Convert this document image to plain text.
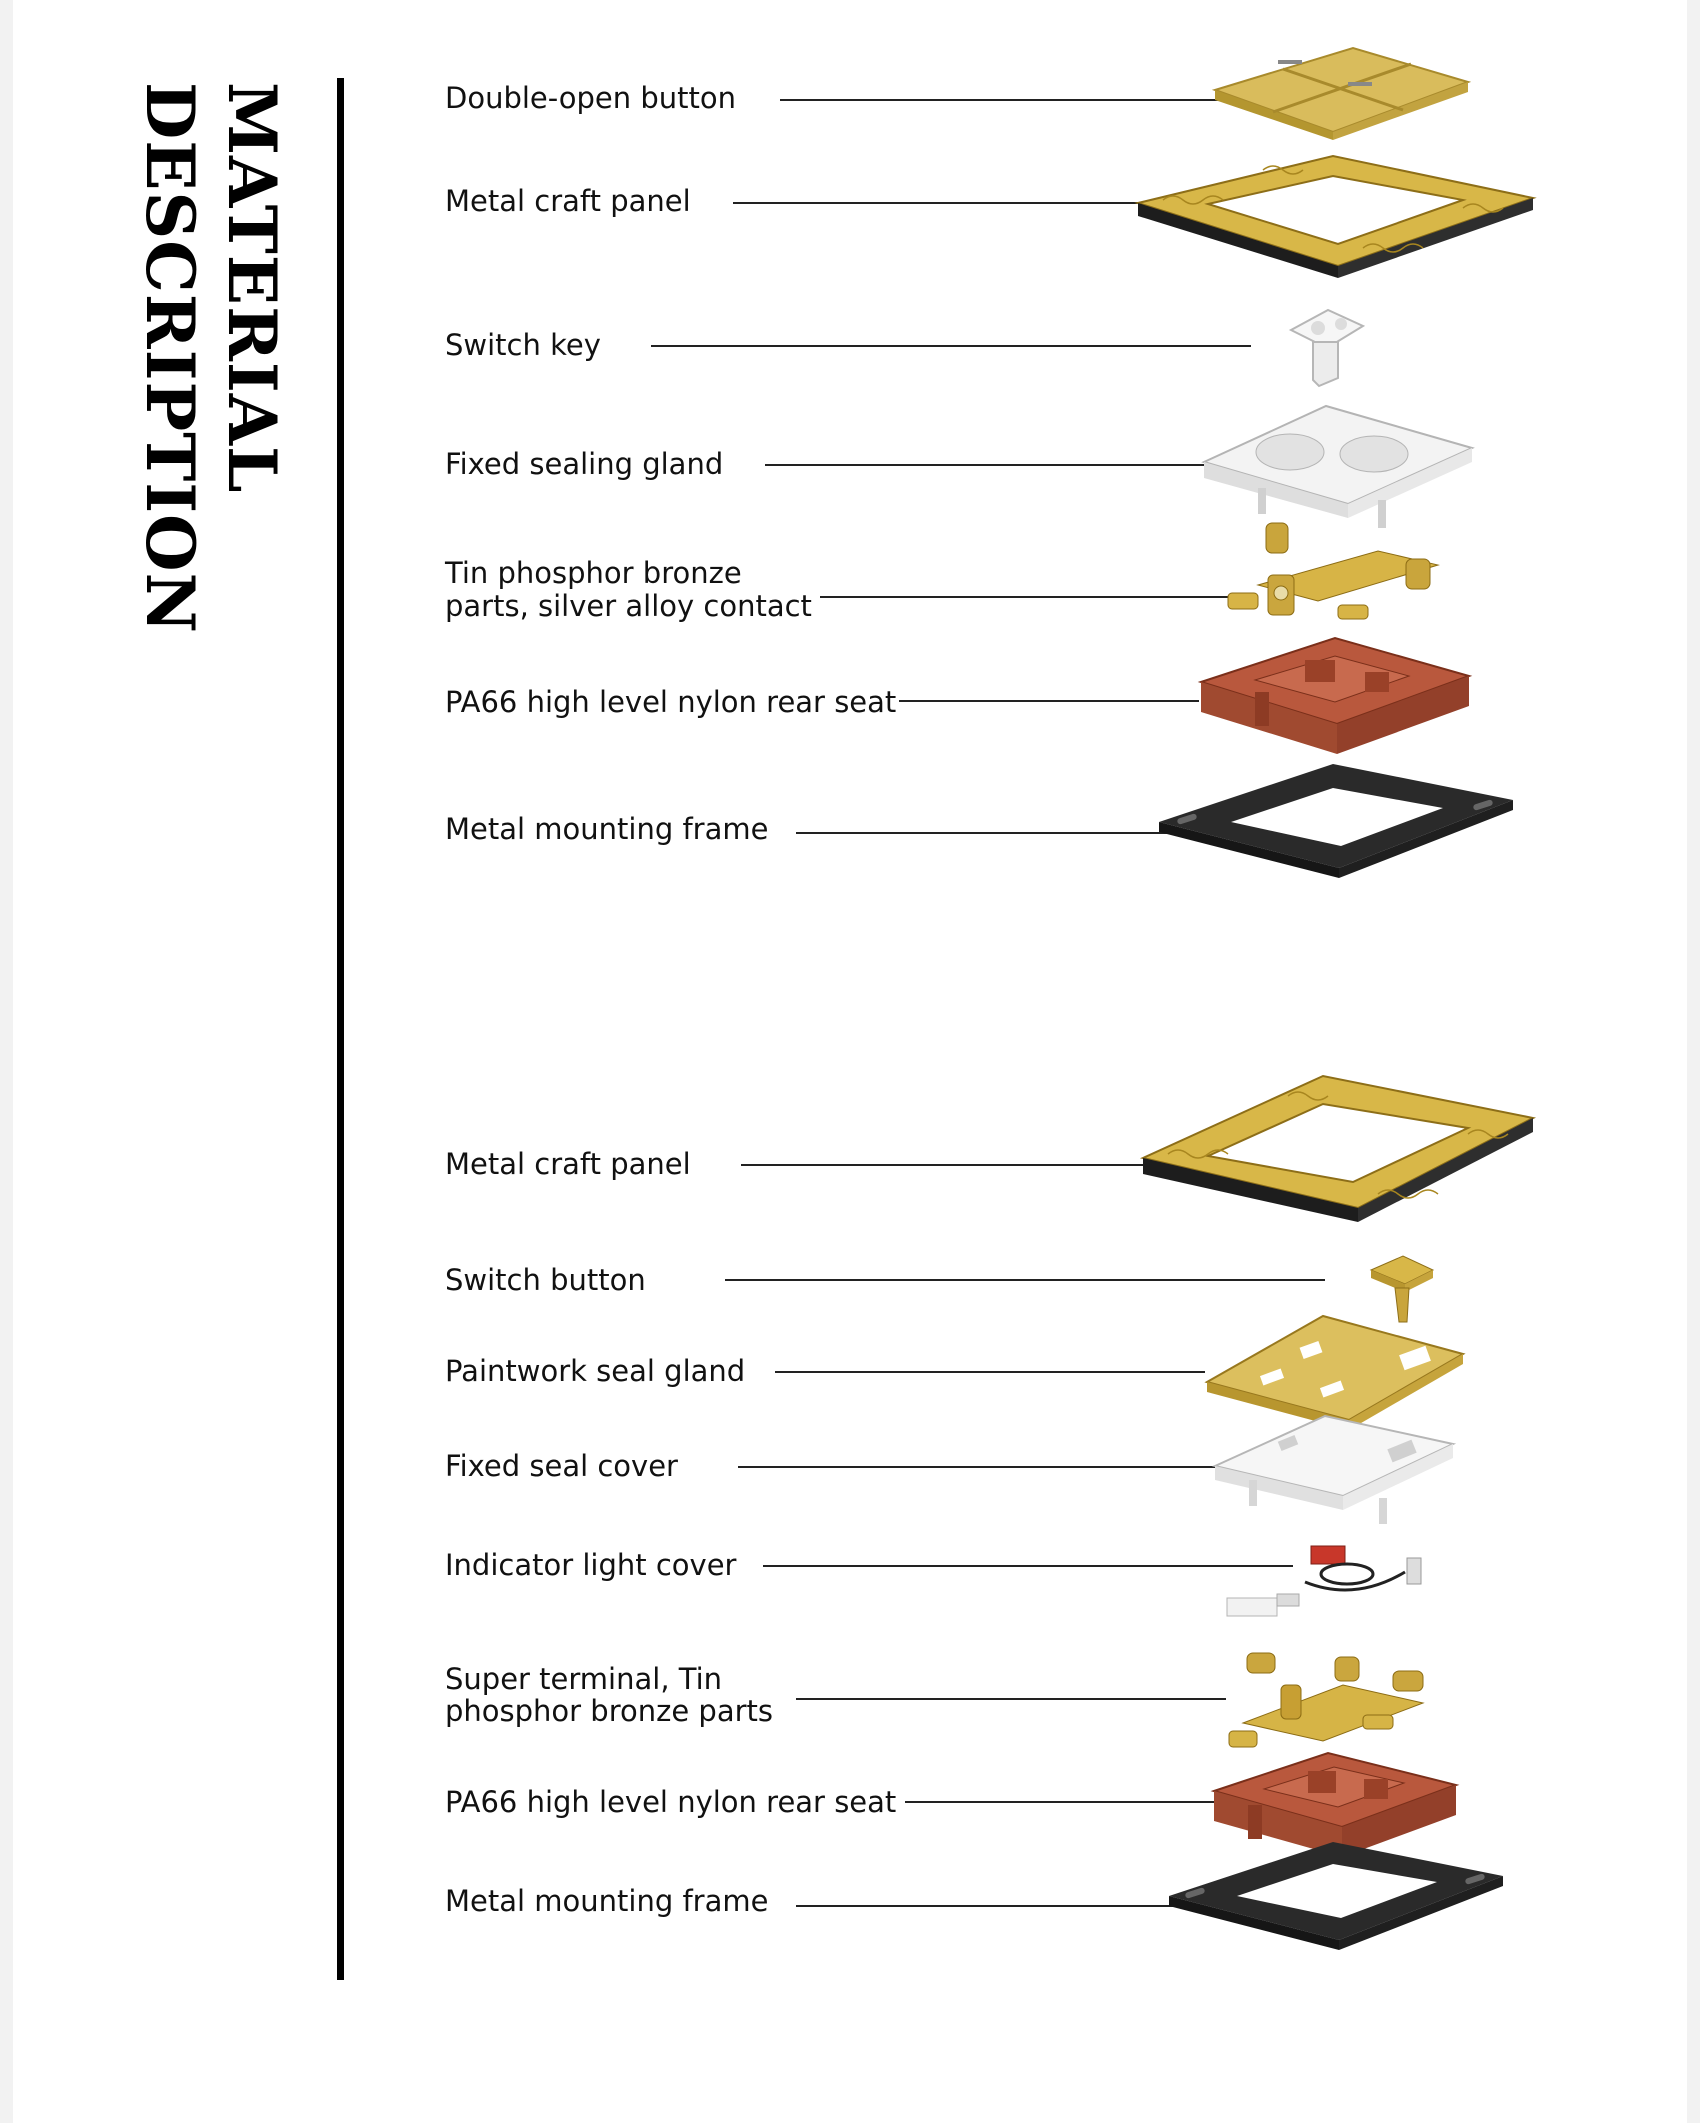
MATERIAL
DESCRIPTION	Double-open button
Metal craft panel
Switch key
Fixed sealing gland
Tin phosphor bronze
parts, silver alloy contact
PA66 high level nylon rear seat
Metal mounting frame
Metal craft panel
Switch button
Paintwork seal gland
Fixed seal cover
Indicator light cover
Super terminal, Tin
phosphor bronze parts
PA66 high level nylon rear seat
Metal mounting frame
